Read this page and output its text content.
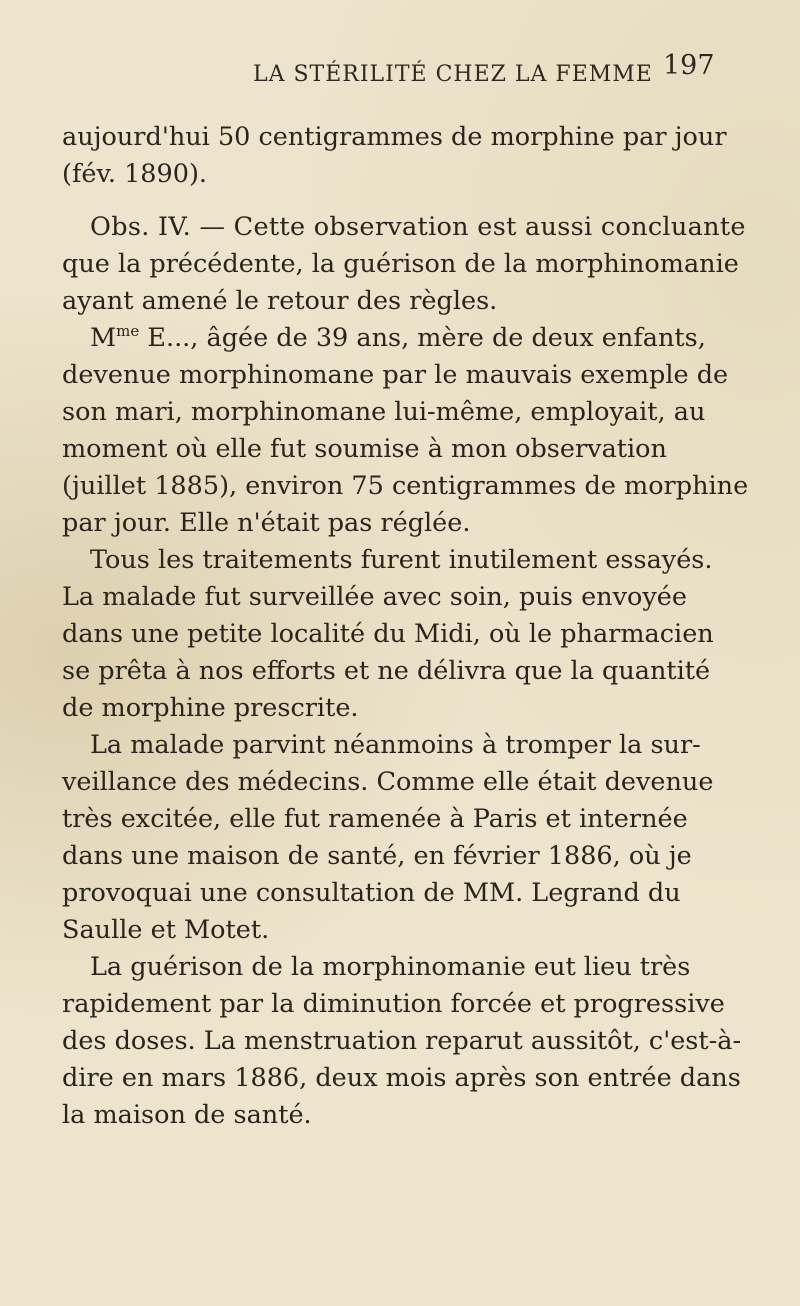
LA STÉRILITÉ CHEZ LA FEMME 197

aujourd'hui 50 centigrammes de morphine par jour

(fév. 1890).

Obs. IV. — Cette observation est aussi concluante

que la précédente, la guérison de la morphinomanie

ayant amené le retour des règles.

$M^{me}$ E..., âgée de 39 ans, mère de deux enfants,

devenue morphinomane par le mauvais exemple de

son mari, morphinomane lui-même, employait, au

moment où elle fut soumise à mon observation

(juillet 1885), environ 75 centigrammes de morphine

par jour. Elle n'était pas réglée.

Tous les traitements furent inutilement essayés.

La malade fut surveillée avec soin, puis envoyée

dans une petite localité du Midi, où le pharmacien

se prêta à nos efforts et ne délivra que la quantité

de morphine prescrite.

La malade parvint néanmoins à tromper la sur-

veillance des médecins. Comme elle était devenue

très excitée, elle fut ramenée à Paris et internée

dans une maison de santé, en février 1886, où je

provoquai une consultation de MM. Legrand du

Saulle et Motet.

La guérison de la morphinomanie eut lieu très

rapidement par la diminution forcée et progressive

des doses. La menstruation reparut aussitôt, c'est-à-

dire en mars 1886, deux mois après son entrée dans

la maison de santé.
